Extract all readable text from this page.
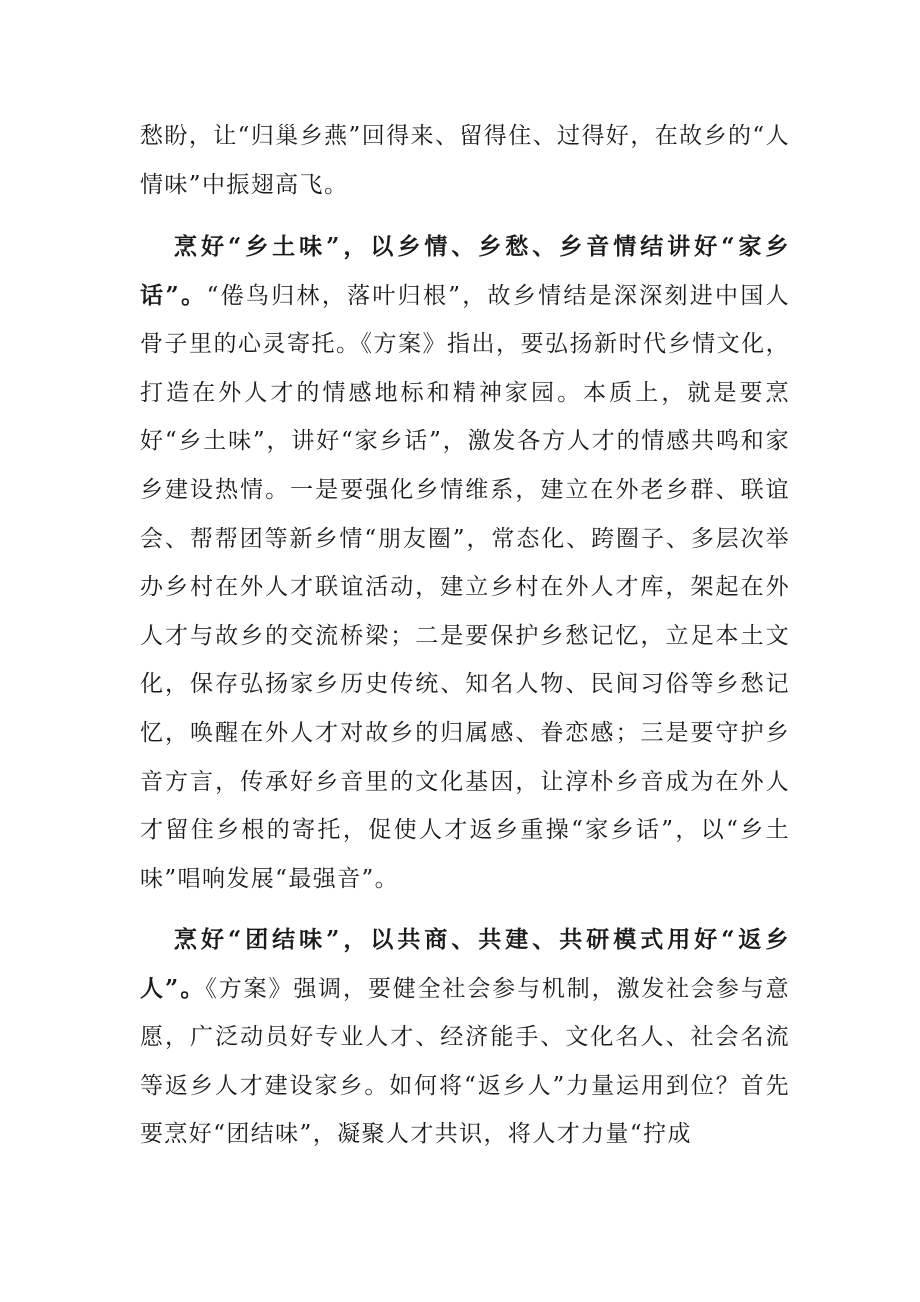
愁盼，让“归巢乡燕”回得来、留得住、过得好，在故乡的“人情味”中振翅高飞。

烹好“乡土味”，以乡情、乡愁、乡音情结讲好“家乡话”。“倦鸟归林，落叶归根”，故乡情结是深深刻进中国人骨子里的心灵寄托。《方案》指出，要弘扬新时代乡情文化，打造在外人才的情感地标和精神家园。本质上，就是要烹好“乡土味”，讲好“家乡话”，激发各方人才的情感共鸣和家乡建设热情。一是要强化乡情维系，建立在外老乡群、联谊会、帮帮团等新乡情“朋友圈”，常态化、跨圈子、多层次举办乡村在外人才联谊活动，建立乡村在外人才库，架起在外人才与故乡的交流桥梁；二是要保护乡愁记忆，立足本土文化，保存弘扬家乡历史传统、知名人物、民间习俗等乡愁记忆，唤醒在外人才对故乡的归属感、眷恋感；三是要守护乡音方言，传承好乡音里的文化基因，让淳朴乡音成为在外人才留住乡根的寄托，促使人才返乡重操“家乡话”，以“乡土味”唱响发展“最强音”。

烹好“团结味”，以共商、共建、共研模式用好“返乡人”。《方案》强调，要健全社会参与机制，激发社会参与意愿，广泛动员好专业人才、经济能手、文化名人、社会名流等返乡人才建设家乡。如何将“返乡人”力量运用到位？首先要烹好“团结味”，凝聚人才共识，将人才力量“拧成
